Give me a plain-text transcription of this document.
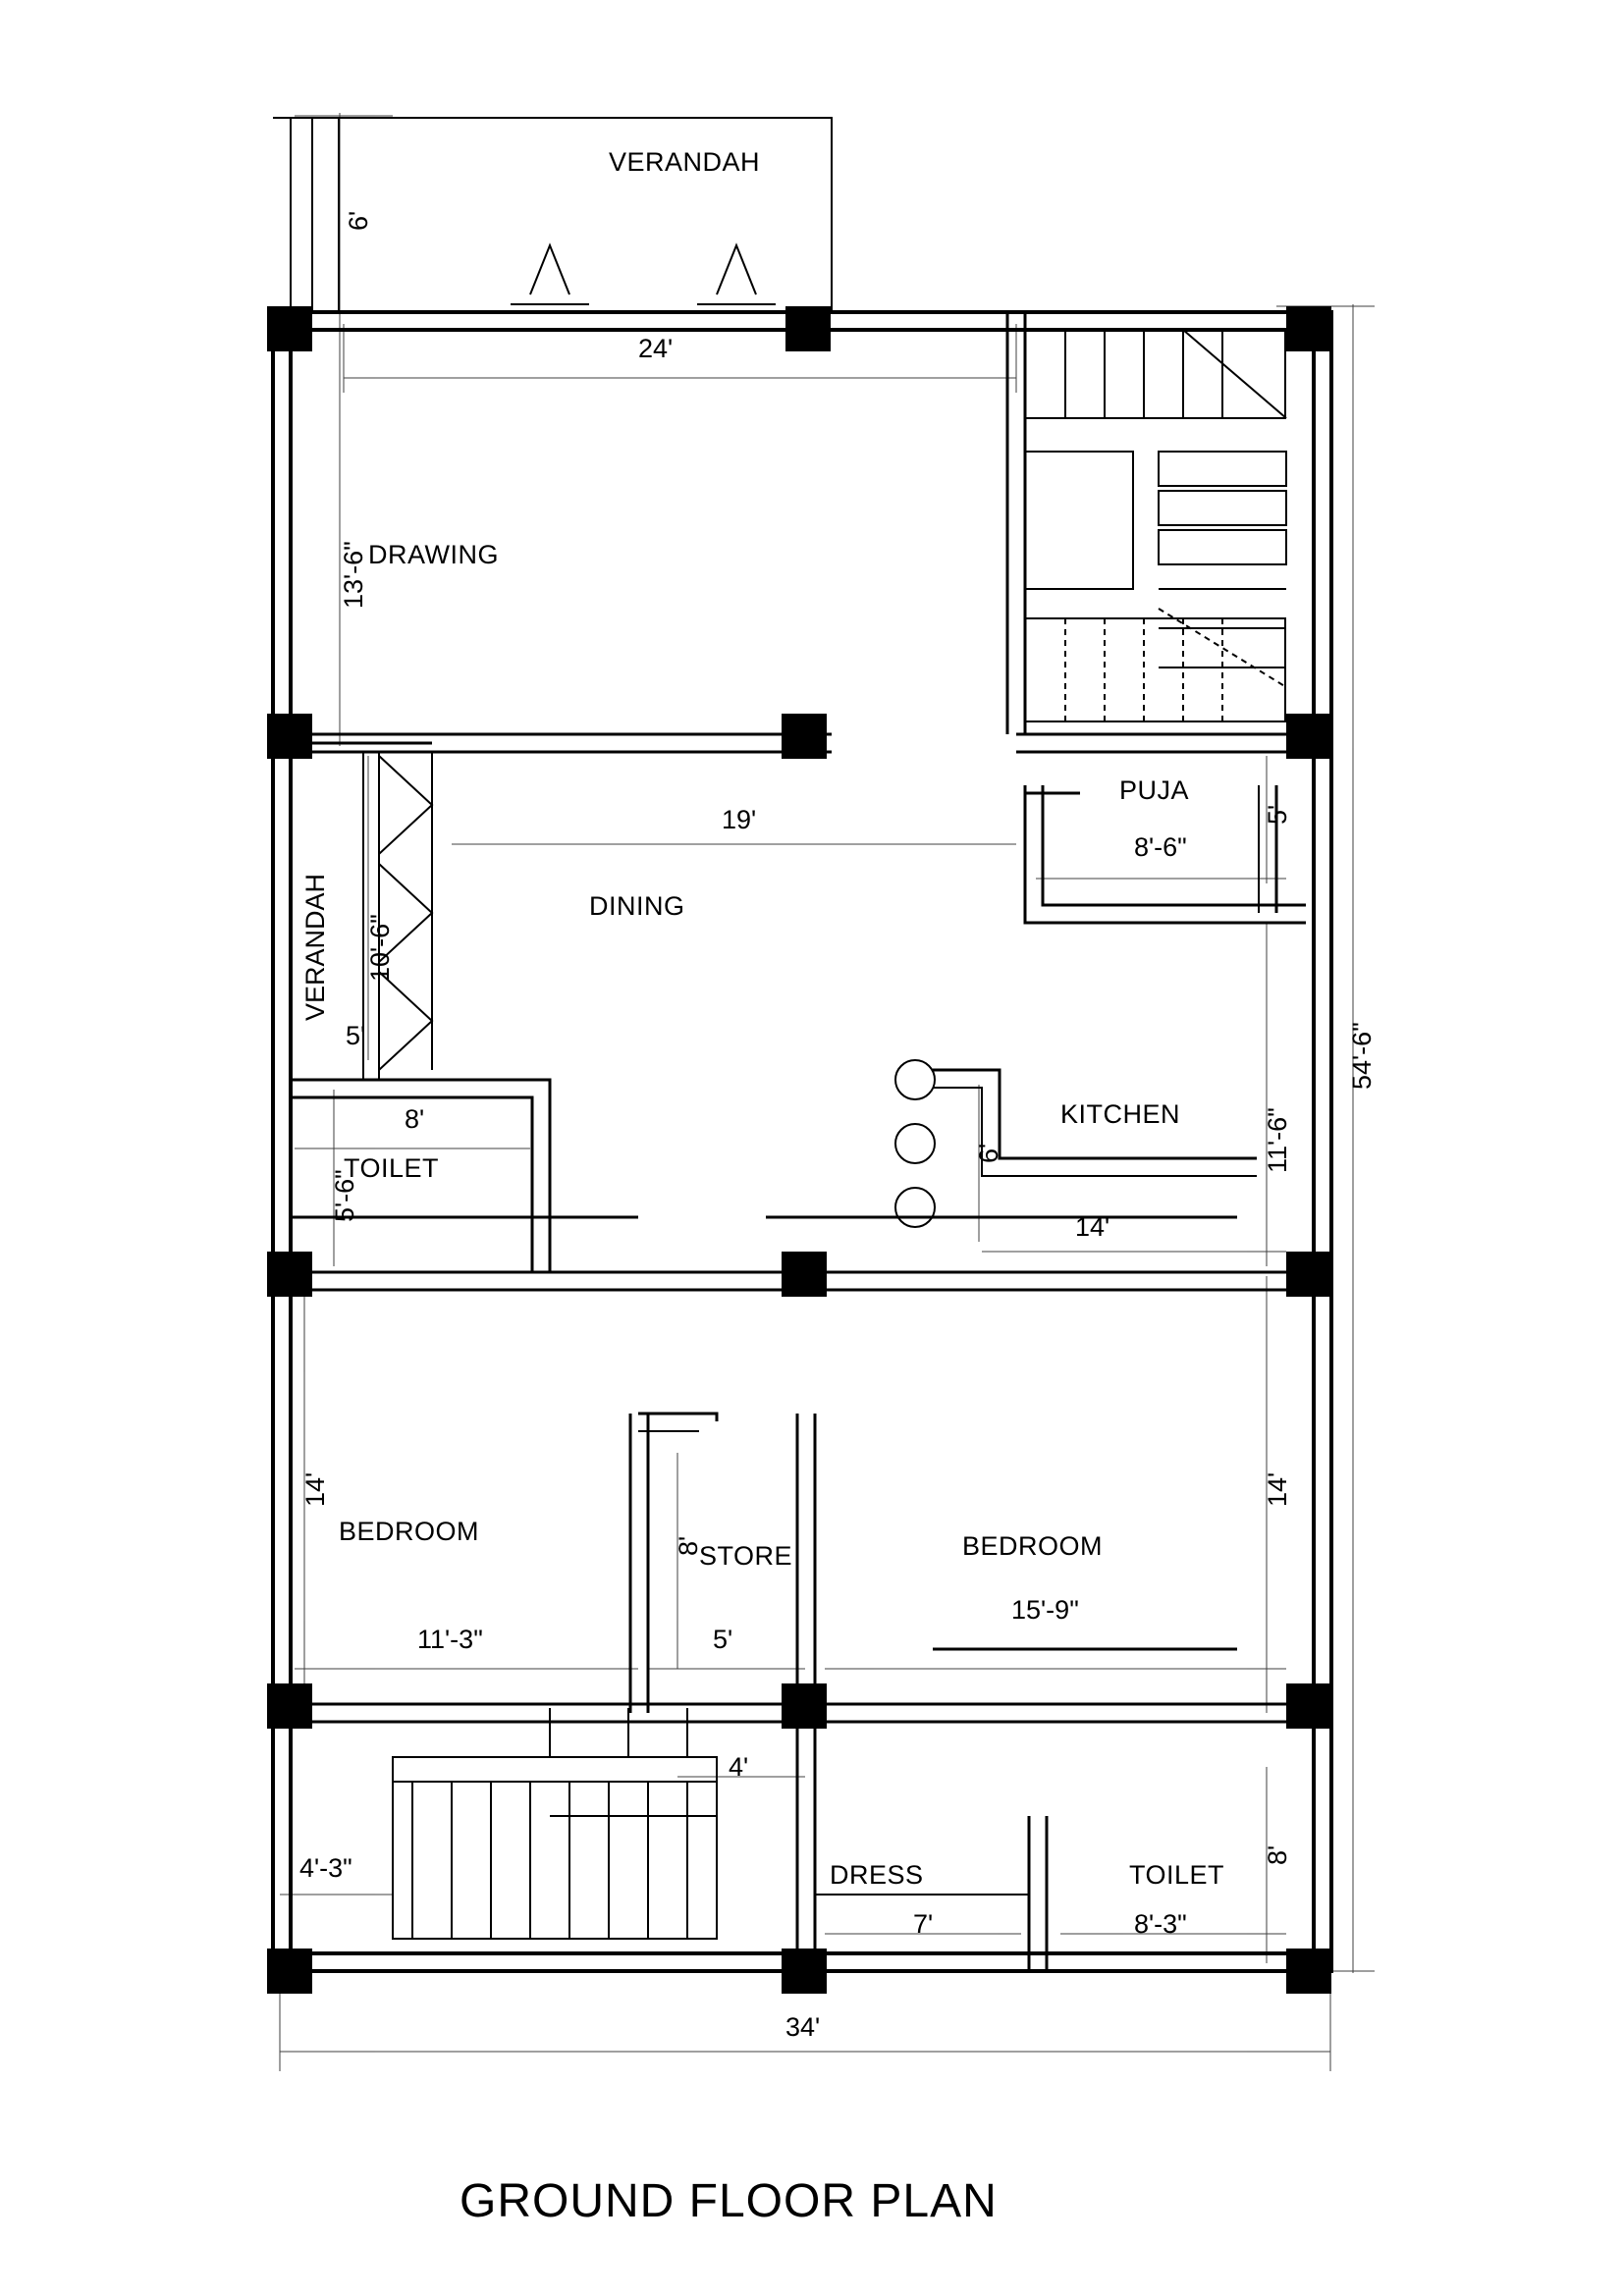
VERANDAH
DRAWING
DINING
PUJA
KITCHEN
TOILET
BEDROOM
STORE	BEDROOM
DRESS	TOILET
6'
24'
13'-6"
19'
10'-6"
VERANDAH
5'
8'
5'-6"
5'
8'-6"
11'-6"
54'-6"
6'
14'
14'	14'
11'-3"
8'
5'
15'-9"
4'
4'-3"
7'	8'-3"
8'
34'
GROUND FLOOR PLAN
